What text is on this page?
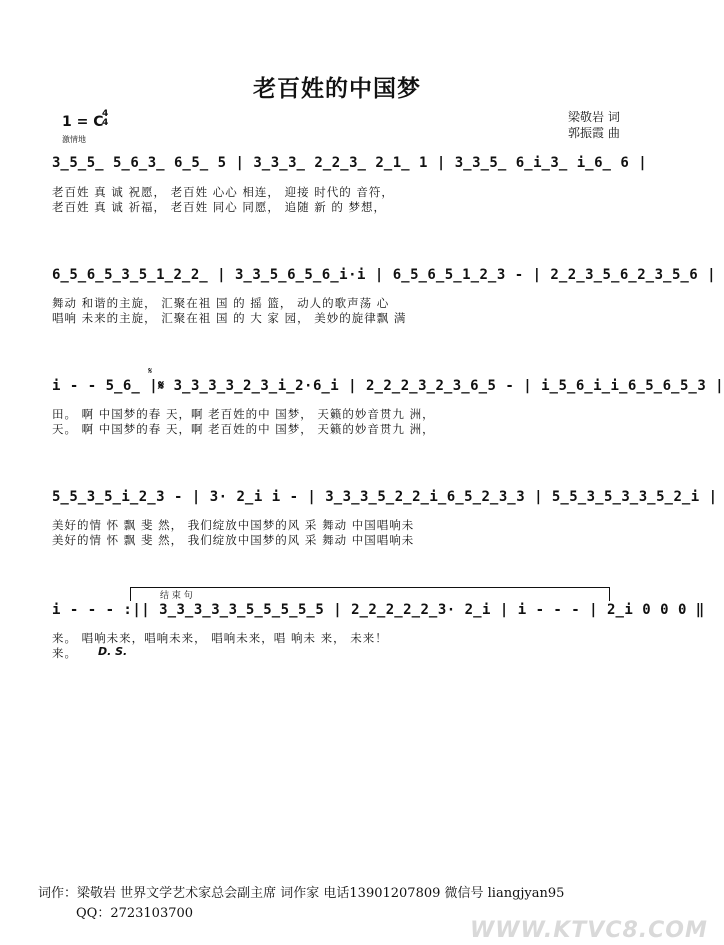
老百姓的中国梦
1 = C
4
4
激情地
梁敬岩 词
郭振霞 曲
3̲5̲5̲ 5̲6̲3̲ 6̲5̲ 5 | 3̲3̲3̲ 2̲2̲3̲ 2̲1̲ 1 | 3̲3̲5̲ 6̲i̲3̲ i̲6̲ 6 |
老百姓 真 诚 祝愿， 老百姓 心心 相连， 迎接 时代的 音符，
老百姓 真 诚 祈福， 老百姓 同心 同愿， 追随 新 的 梦想，
6̲5̲6̲5̲3̲5̲1̲2̲2̲ | 3̲3̲5̲6̲5̲6̲i·i | 6̲5̲6̲5̲1̲2̲3 - | 2̲2̲3̲5̲6̲2̲3̲5̲6 |
舞动 和谐的主旋， 汇聚在祖 国 的 摇 篮， 动人的歌声荡 心
唱响 未来的主旋， 汇聚在祖 国 的 大 家 园， 美妙的旋律飘 满
𝄋
i - - 5̲6̲ |𝄋 3̲3̲3̲3̲2̲3̲i̲2·6̲i | 2̲2̲2̲3̲2̲3̲6̲5 - | i̲5̲6̲i̲i̲6̲5̲6̲5̲3 |
田。 啊 中国梦的春 天，啊 老百姓的中 国梦， 天籁的妙音贯九 洲，
天。 啊 中国梦的春 天，啊 老百姓的中 国梦， 天籁的妙音贯九 洲，
5̲5̲3̲5̲i̲2̲3 - | 3· 2̲i i - | 3̲3̲3̲5̲2̲2̲i̲6̲5̲2̲3̲3 | 5̲5̲3̲5̲3̲3̲5̲2̲i |
美好的情 怀 飘 斐 然， 我们绽放中国梦的风 采 舞动 中国唱响未
美好的情 怀 飘 斐 然， 我们绽放中国梦的风 采 舞动 中国唱响未
结 束 句
i - - - :|| 3̲3̲3̲3̲3̲5̲5̲5̲5̲5 | 2̲2̲2̲2̲2̲3· 2̲i | i - - - | 2̲i 0 0 0 ‖
来。 唱响未来，唱响未来， 唱响未来，唱 响未 来， 未来！
来。 D. S.
词作：梁敬岩 世界文学艺术家总会副主席 词作家 电话13901207809 微信号 liangjyan95
QQ：2723103700
WWW.KTVC8.COM
